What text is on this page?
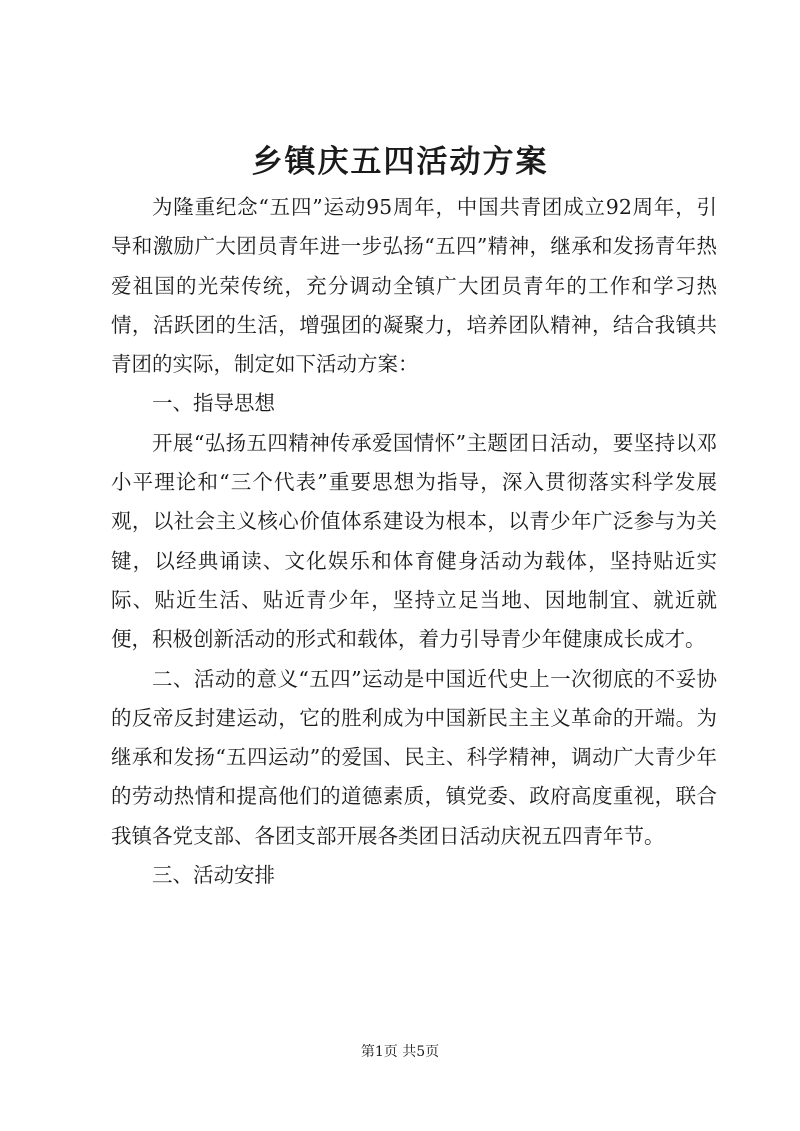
乡镇庆五四活动方案

为隆重纪念“五四”运动95周年，中国共青团成立92周年，引导和激励广大团员青年进一步弘扬“五四”精神，继承和发扬青年热爱祖国的光荣传统，充分调动全镇广大团员青年的工作和学习热情，活跃团的生活，增强团的凝聚力，培养团队精神，结合我镇共青团的实际，制定如下活动方案：

一、指导思想

开展“弘扬五四精神传承爱国情怀”主题团日活动，要坚持以邓小平理论和“三个代表”重要思想为指导，深入贯彻落实科学发展观，以社会主义核心价值体系建设为根本，以青少年广泛参与为关键，以经典诵读、文化娱乐和体育健身活动为载体，坚持贴近实际、贴近生活、贴近青少年，坚持立足当地、因地制宜、就近就便，积极创新活动的形式和载体，着力引导青少年健康成长成才。

二、活动的意义“五四”运动是中国近代史上一次彻底的不妥协的反帝反封建运动，它的胜利成为中国新民主主义革命的开端。为继承和发扬“五四运动”的爱国、民主、科学精神，调动广大青少年的劳动热情和提高他们的道德素质，镇党委、政府高度重视，联合我镇各党支部、各团支部开展各类团日活动庆祝五四青年节。

三、活动安排

第1页 共5页
